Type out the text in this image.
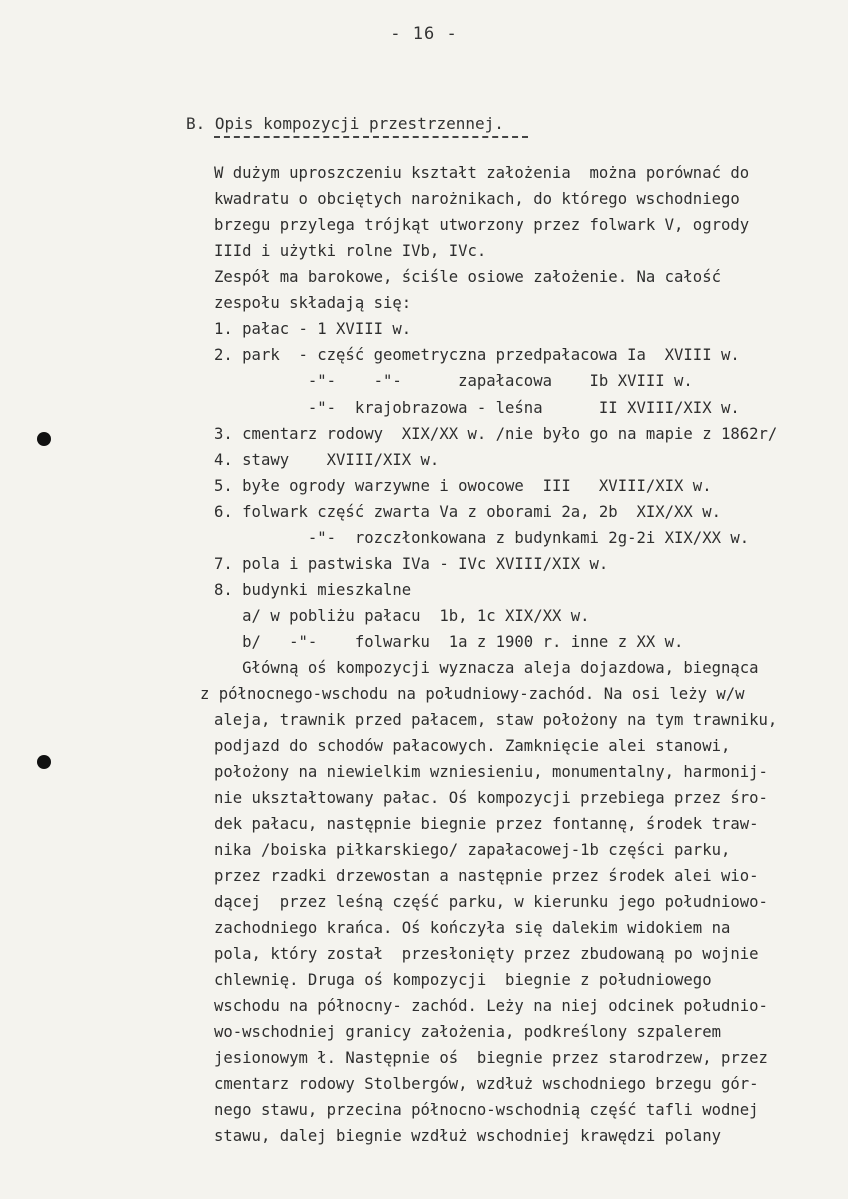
- 16 -
B. Opis kompozycji przestrzennej.
W dużym uproszczeniu kształt założenia  można porównać do
kwadratu o obciętych narożnikach, do którego wschodniego
brzegu przylega trójkąt utworzony przez folwark V, ogrody
IIId i użytki rolne IVb, IVc.
Zespół ma barokowe, ściśle osiowe założenie. Na całość
zespołu składają się:
1. pałac - 1 XVIII w.
2. park  - część geometryczna przedpałacowa Ia  XVIII w.
-"-    -"-      zapałacowa    Ib XVIII w.
-"-  krajobrazowa - leśna      II XVIII/XIX w.
3. cmentarz rodowy  XIX/XX w. /nie było go na mapie z 1862r/
4. stawy    XVIII/XIX w.
5. byłe ogrody warzywne i owocowe  III   XVIII/XIX w.
6. folwark część zwarta Va z oborami 2a, 2b  XIX/XX w.
-"-  rozczłonkowana z budynkami 2g-2i XIX/XX w.
7. pola i pastwiska IVa - IVc XVIII/XIX w.
8. budynki mieszkalne
a/ w pobliżu pałacu  1b, 1c XIX/XX w.
b/   -"-    folwarku  1a z 1900 r. inne z XX w.
Główną oś kompozycji wyznacza aleja dojazdowa, biegnąca
z północnego-wschodu na południowy-zachód. Na osi leży w/w
aleja, trawnik przed pałacem, staw położony na tym trawniku,
podjazd do schodów pałacowych. Zamknięcie alei stanowi,
położony na niewielkim wzniesieniu, monumentalny, harmonij-
nie ukształtowany pałac. Oś kompozycji przebiega przez śro-
dek pałacu, następnie biegnie przez fontannę, środek traw-
nika /boiska piłkarskiego/ zapałacowej-1b części parku,
przez rzadki drzewostan a następnie przez środek alei wio-
dącej  przez leśną część parku, w kierunku jego południowo-
zachodniego krańca. Oś kończyła się dalekim widokiem na
pola, który został  przesłonięty przez zbudowaną po wojnie
chlewnię. Druga oś kompozycji  biegnie z południowego
wschodu na północny- zachód. Leży na niej odcinek południo-
wo-wschodniej granicy założenia, podkreślony szpalerem
jesionowym ł. Następnie oś  biegnie przez starodrzew, przez
cmentarz rodowy Stolbergów, wzdłuż wschodniego brzegu gór-
nego stawu, przecina północno-wschodnią część tafli wodnej
stawu, dalej biegnie wzdłuż wschodniej krawędzi polany
